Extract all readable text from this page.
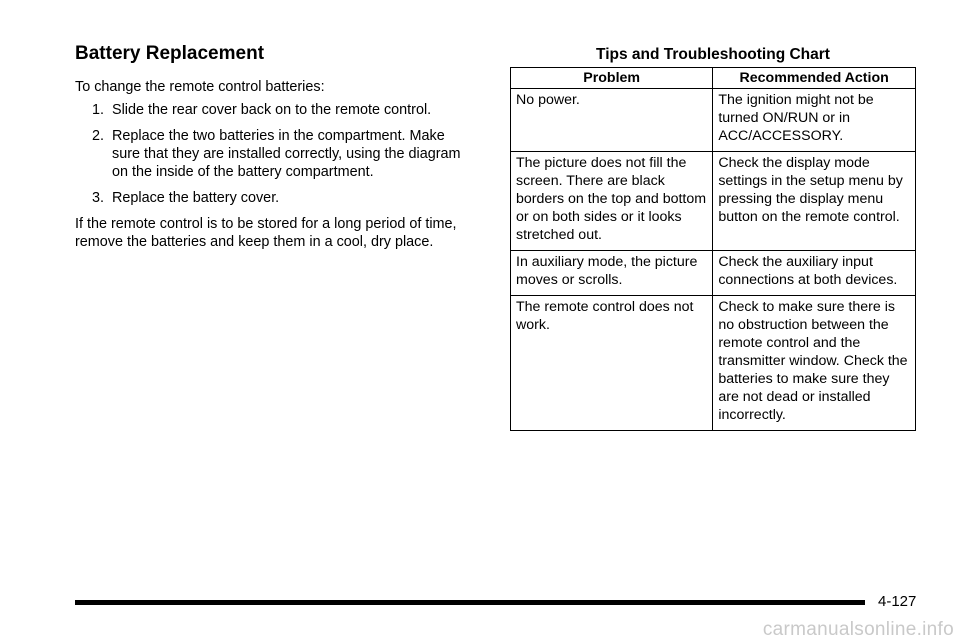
Battery Replacement

To change the remote control batteries:

1. Slide the rear cover back on to the remote control.
2. Replace the two batteries in the compartment. Make sure that they are installed correctly, using the diagram on the inside of the battery compartment.
3. Replace the battery cover.

If the remote control is to be stored for a long period of time, remove the batteries and keep them in a cool, dry place.

Tips and Troubleshooting Chart
Problem	Recommended Action
No power.	The ignition might not be turned ON/RUN or in ACC/ACCESSORY.
The picture does not fill the screen. There are black borders on the top and bottom or on both sides or it looks stretched out.	Check the display mode settings in the setup menu by pressing the display menu button on the remote control.
In auxiliary mode, the picture moves or scrolls.	Check the auxiliary input connections at both devices.
The remote control does not work.	Check to make sure there is no obstruction between the remote control and the transmitter window. Check the batteries to make sure they are not dead or installed incorrectly.
4-127
carmanualsonline.info
